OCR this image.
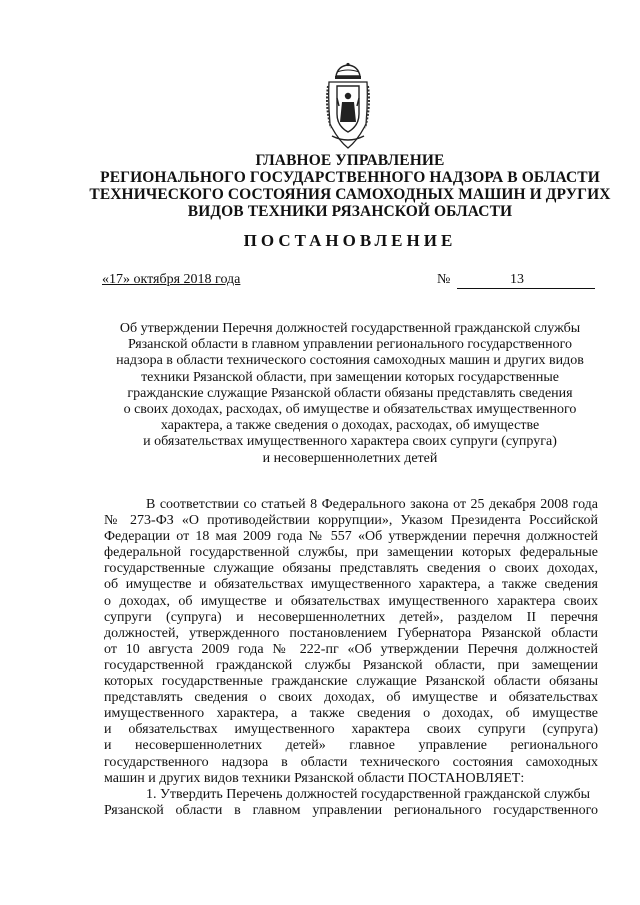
ГЛАВНОЕ УПРАВЛЕНИЕ
РЕГИОНАЛЬНОГО ГОСУДАРСТВЕННОГО НАДЗОРА В ОБЛАСТИ
ТЕХНИЧЕСКОГО СОСТОЯНИЯ САМОХОДНЫХ МАШИН И ДРУГИХ
ВИДОВ ТЕХНИКИ РЯЗАНСКОЙ ОБЛАСТИ
ПОСТАНОВЛЕНИЕ
«17» октября 2018 года	№	13
Об утверждении Перечня должностей государственной гражданской службы
Рязанской области в главном управлении регионального государственного
надзора в области технического состояния самоходных машин и других видов
техники Рязанской области, при замещении которых государственные
гражданские служащие Рязанской области обязаны представлять сведения
о своих доходах, расходах, об имуществе и обязательствах имущественного
характера, а также сведения о доходах, расходах, об имуществе
и обязательствах имущественного характера своих супруги (супруга)
и несовершеннолетних детей
В соответствии со статьей 8 Федерального закона от 25 декабря 2008 года
№ 273-ФЗ «О противодействии коррупции», Указом Президента Российской
Федерации от 18 мая 2009 года № 557 «Об утверждении перечня должностей
федеральной государственной службы, при замещении которых федеральные
государственные служащие обязаны представлять сведения о своих доходах,
об имуществе и обязательствах имущественного характера, а также сведения
о доходах, об имуществе и обязательствах имущественного характера своих
супруги (супруга) и несовершеннолетних детей», разделом II перечня
должностей, утвержденного постановлением Губернатора Рязанской области
от 10 августа 2009 года № 222-пг «Об утверждении Перечня должностей
государственной гражданской службы Рязанской области, при замещении
которых государственные гражданские служащие Рязанской области обязаны
представлять сведения о своих доходах, об имуществе и обязательствах
имущественного характера, а также сведения о доходах, об имуществе
и обязательствах имущественного характера своих супруги (супруга)
и несовершеннолетних детей» главное управление регионального
государственного надзора в области технического состояния самоходных
машин и других видов техники Рязанской области ПОСТАНОВЛЯЕТ:
1. Утвердить Перечень должностей государственной гражданской службы
Рязанской области в главном управлении регионального государственного
